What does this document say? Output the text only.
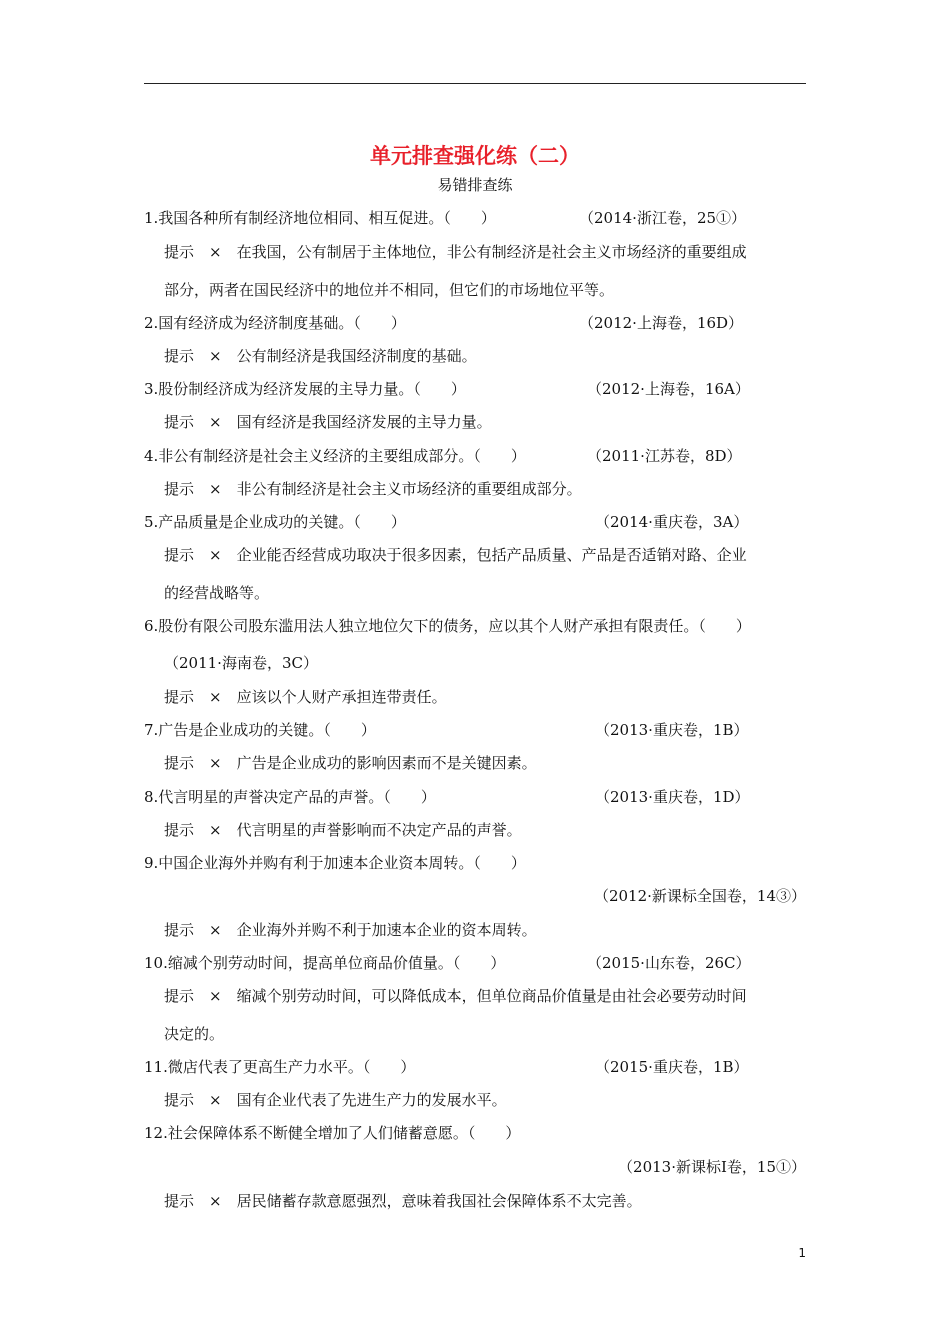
单元排查强化练（二）
易错排查练
1.我国各种所有制经济地位相同、相互促进。（　　）	（2014·浙江卷，25①）
提示　×　在我国，公有制居于主体地位，非公有制经济是社会主义市场经济的重要组成
部分，两者在国民经济中的地位并不相同，但它们的市场地位平等。
2.国有经济成为经济制度基础。（　　）	（2012·上海卷，16D）
提示　×　公有制经济是我国经济制度的基础。
3.股份制经济成为经济发展的主导力量。（　　）	（2012·上海卷，16A）
提示　×　国有经济是我国经济发展的主导力量。
4.非公有制经济是社会主义经济的主要组成部分。（　　）	（2011·江苏卷，8D）
提示　×　非公有制经济是社会主义市场经济的重要组成部分。
5.产品质量是企业成功的关键。（　　）	（2014·重庆卷，3A）
提示　×　企业能否经营成功取决于很多因素，包括产品质量、产品是否适销对路、企业
的经营战略等。
6.股份有限公司股东滥用法人独立地位欠下的债务，应以其个人财产承担有限责任。（　　）
（2011·海南卷，3C）
提示　×　应该以个人财产承担连带责任。
7.广告是企业成功的关键。（　　）	（2013·重庆卷，1B）
提示　×　广告是企业成功的影响因素而不是关键因素。
8.代言明星的声誉决定产品的声誉。（　　）	（2013·重庆卷，1D）
提示　×　代言明星的声誉影响而不决定产品的声誉。
9.中国企业海外并购有利于加速本企业资本周转。（　　）
（2012·新课标全国卷，14③）
提示　×　企业海外并购不利于加速本企业的资本周转。
10.缩减个别劳动时间，提高单位商品价值量。（　　）	（2015·山东卷，26C）
提示　×　缩减个别劳动时间，可以降低成本，但单位商品价值量是由社会必要劳动时间
决定的。
11.微店代表了更高生产力水平。（　　）	（2015·重庆卷，1B）
提示　×　国有企业代表了先进生产力的发展水平。
12.社会保障体系不断健全增加了人们储蓄意愿。（　　）
（2013·新课标Ⅰ卷，15①）
提示　×　居民储蓄存款意愿强烈，意味着我国社会保障体系不太完善。
1
